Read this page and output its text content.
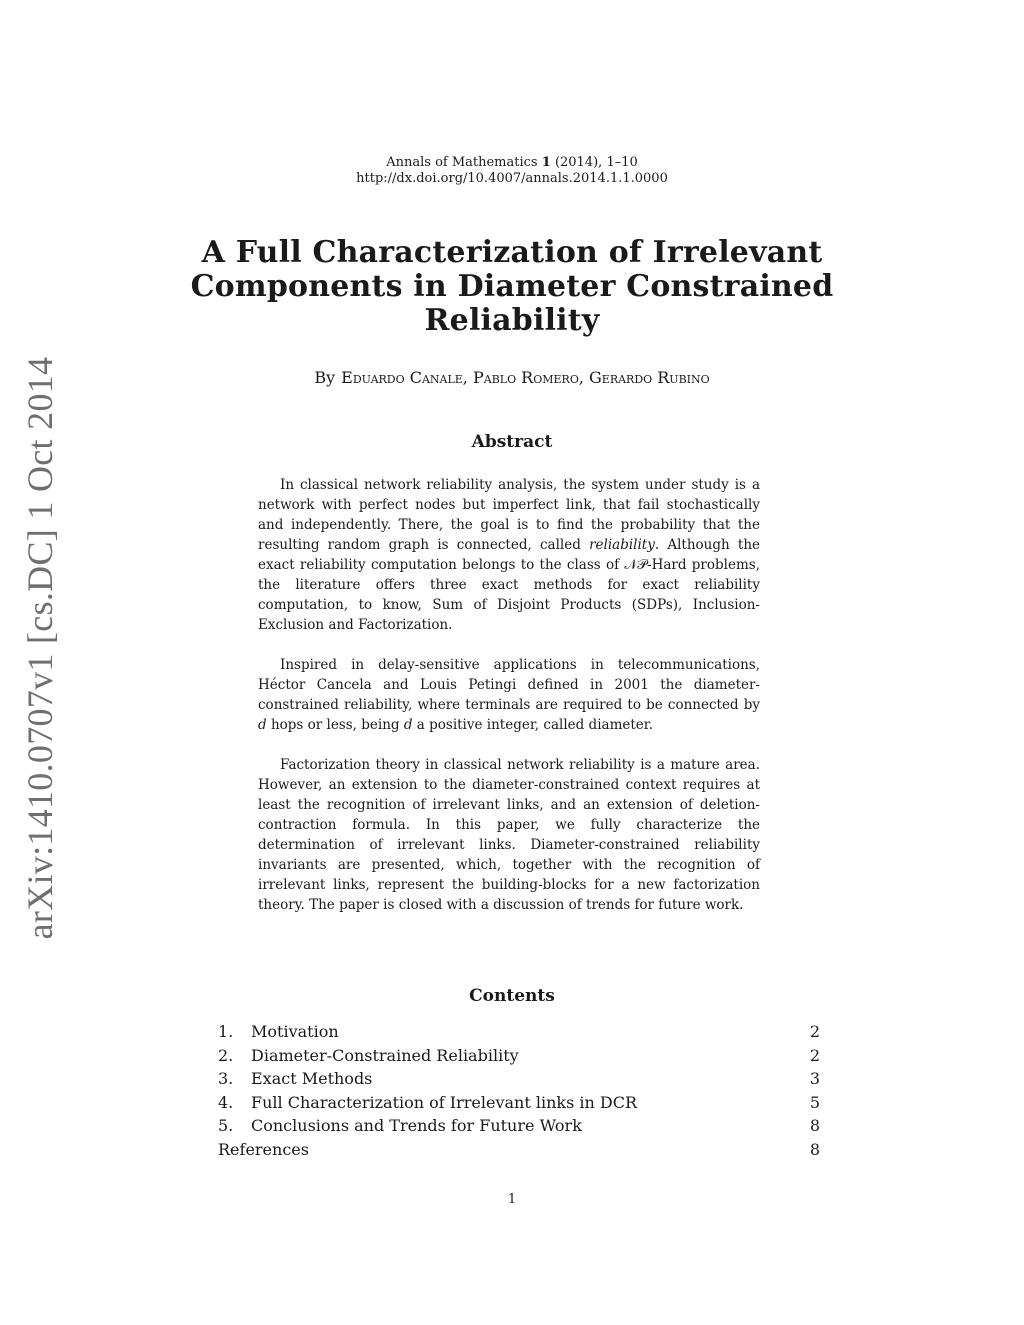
Annals of Mathematics 1 (2014), 1–10
http://dx.doi.org/10.4007/annals.2014.1.1.0000
A Full Characterization of Irrelevant
Components in Diameter Constrained
Reliability
By Eduardo Canale, Pablo Romero, Gerardo Rubino
arXiv:1410.0707v1 [cs.DC] 1 Oct 2014	Abstract

In classical network reliability analysis, the system under study is a network with perfect nodes but imperfect link, that fail stochastically and independently. There, the goal is to find the probability that the resulting random graph is connected, called reliability. Although the exact reliability computation belongs to the class of 𝒩𝒫-Hard problems, the literature offers three exact methods for exact reliability computation, to know, Sum of Disjoint Products (SDPs), Inclusion-Exclusion and Factorization.

Inspired in delay-sensitive applications in telecommunications, Héctor Cancela and Louis Petingi defined in 2001 the diameter-constrained reliability, where terminals are required to be connected by d hops or less, being d a positive integer, called diameter.

Factorization theory in classical network reliability is a mature area. However, an extension to the diameter-constrained context requires at least the recognition of irrelevant links, and an extension of deletion-contraction formula. In this paper, we fully characterize the determination of irrelevant links. Diameter-constrained reliability invariants are presented, which, together with the recognition of irrelevant links, represent the building-blocks for a new factorization theory. The paper is closed with a discussion of trends for future work.

Contents
1. Motivation	2
2. Diameter-Constrained Reliability	2
3. Exact Methods	3
4. Full Characterization of Irrelevant links in DCR	5
5. Conclusions and Trends for Future Work	8
References	8
1
